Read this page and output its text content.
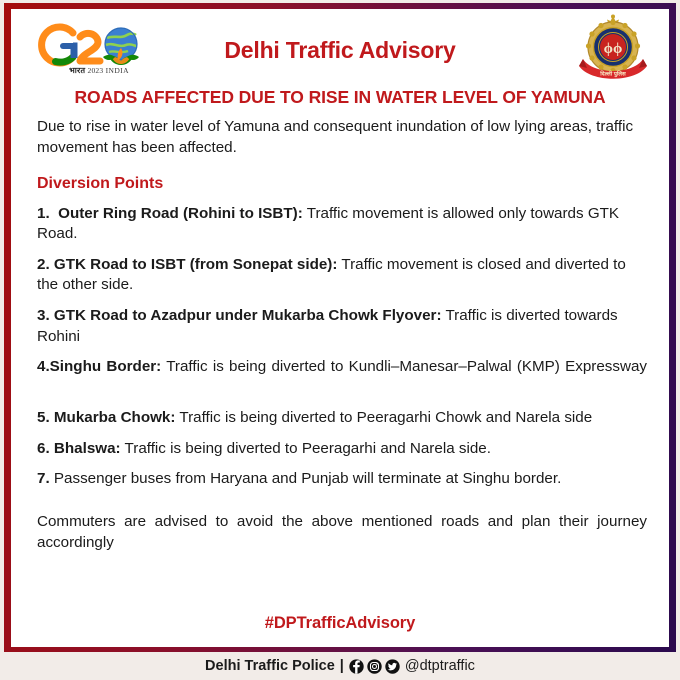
भारत 2023 INDIA
ϕϕ
दिल्ली पुलिस
Delhi Traffic Advisory
ROADS AFFECTED DUE TO RISE IN WATER LEVEL OF YAMUNA

Due to rise in water level of Yamuna and consequent inundation of low lying areas, traffic movement has been affected.

Diversion Points

1. Outer Ring Road (Rohini to ISBT): Traffic movement is allowed only towards GTK Road.

2. GTK Road to ISBT (from Sonepat side): Traffic movement is closed and diverted to the other side.

3. GTK Road to Azadpur under Mukarba Chowk Flyover: Traffic is diverted towards Rohini

4.Singhu Border: Traffic is being diverted to Kundli–Manesar–Palwal (KMP) Expressway

5. Mukarba Chowk: Traffic is being diverted to Peeragarhi Chowk and Narela side

6. Bhalswa: Traffic is being diverted to Peeragarhi and Narela side.

7. Passenger buses from Haryana and Punjab will terminate at Singhu border.

Commuters are advised to avoid the above mentioned roads and plan their journey accordingly

#DPTrafficAdvisory
Delhi Traffic Police |	@dtptraffic
